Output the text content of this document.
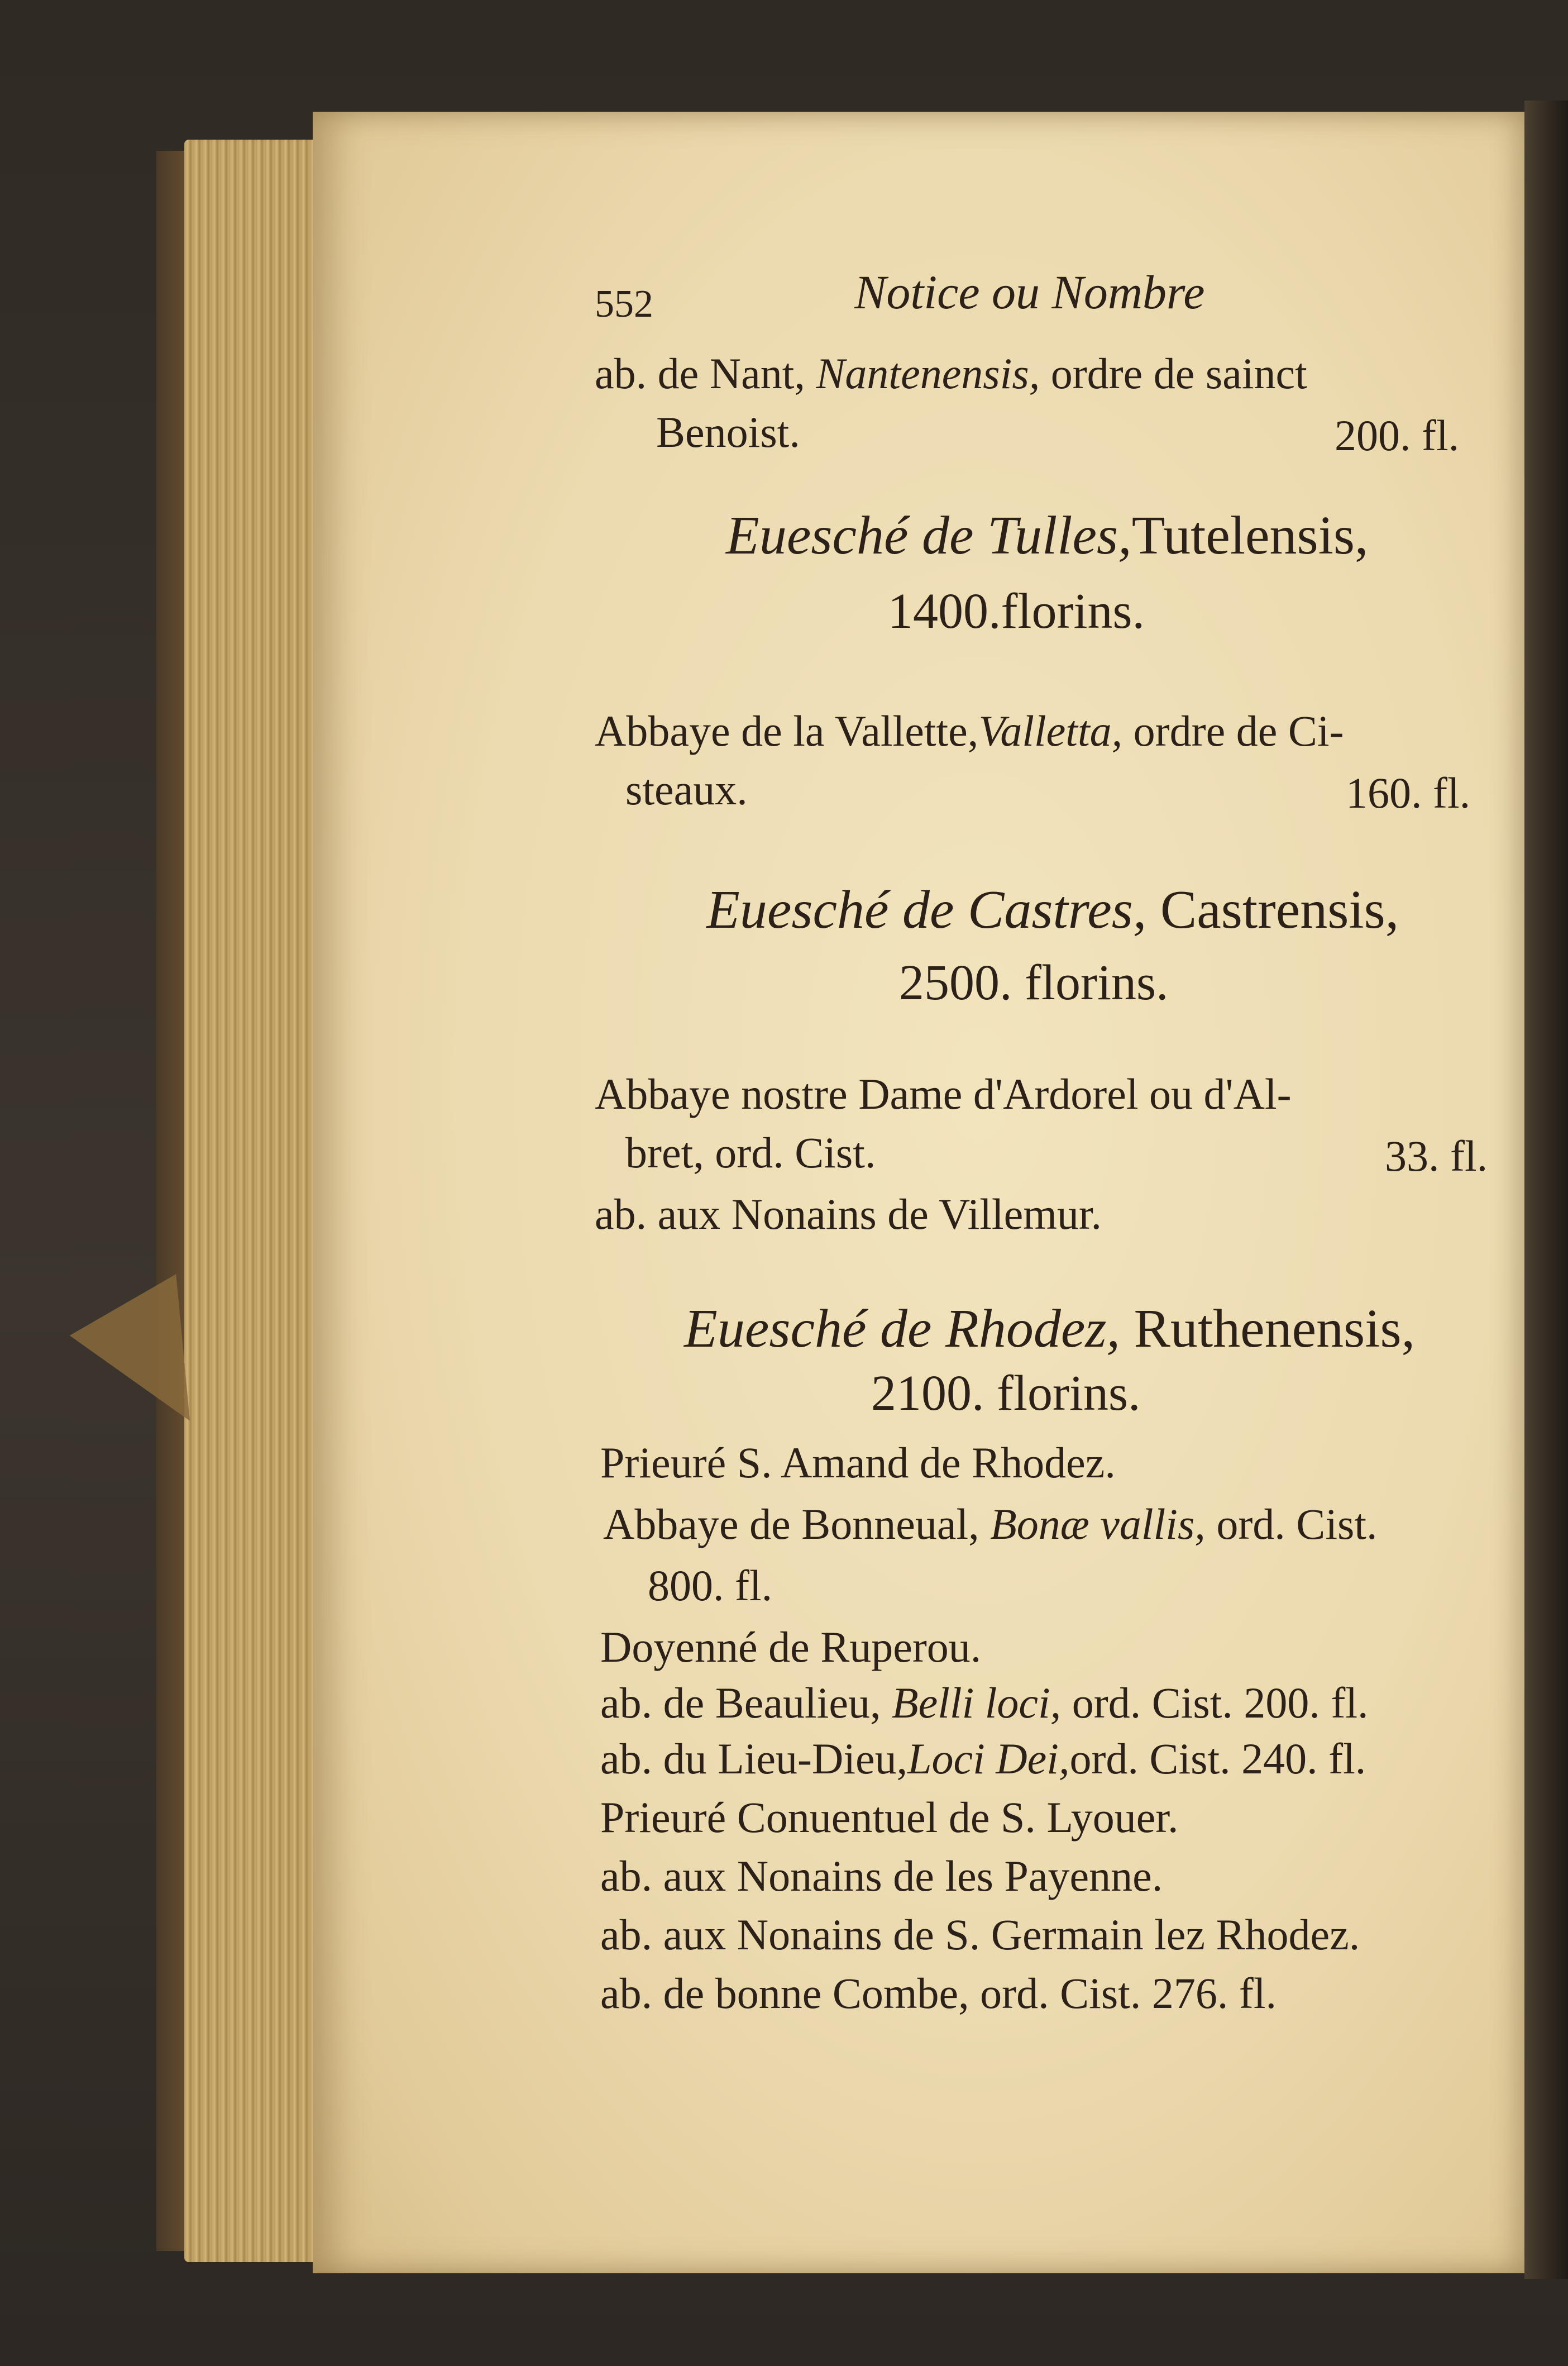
552	Notice ou Nombre
ab. de Nant, Nantenensis, ordre de sainct
Benoist.	200. fl.
Euesché de Tulles,Tutelensis,
1400.florins.
Abbaye de la Vallette,Valletta, ordre de Ci-
steaux.	160. fl.
Euesché de Castres, Castrensis,
2500. florins.
Abbaye nostre Dame d'Ardorel ou d'Al-
bret, ord. Cist.	33. fl.
ab. aux Nonains de Villemur.
Euesché de Rhodez, Ruthenensis,
2100. florins.
Prieuré S. Amand de Rhodez.
Abbaye de Bonneual, Bonæ vallis, ord. Cist.
800. fl.
Doyenné de Ruperou.
ab. de Beaulieu, Belli loci, ord. Cist. 200. fl.
ab. du Lieu-Dieu,Loci Dei,ord. Cist. 240. fl.
Prieuré Conuentuel de S. Lyouer.
ab. aux Nonains de les Payenne.
ab. aux Nonains de S. Germain lez Rhodez.
ab. de bonne Combe, ord. Cist. 276. fl.
